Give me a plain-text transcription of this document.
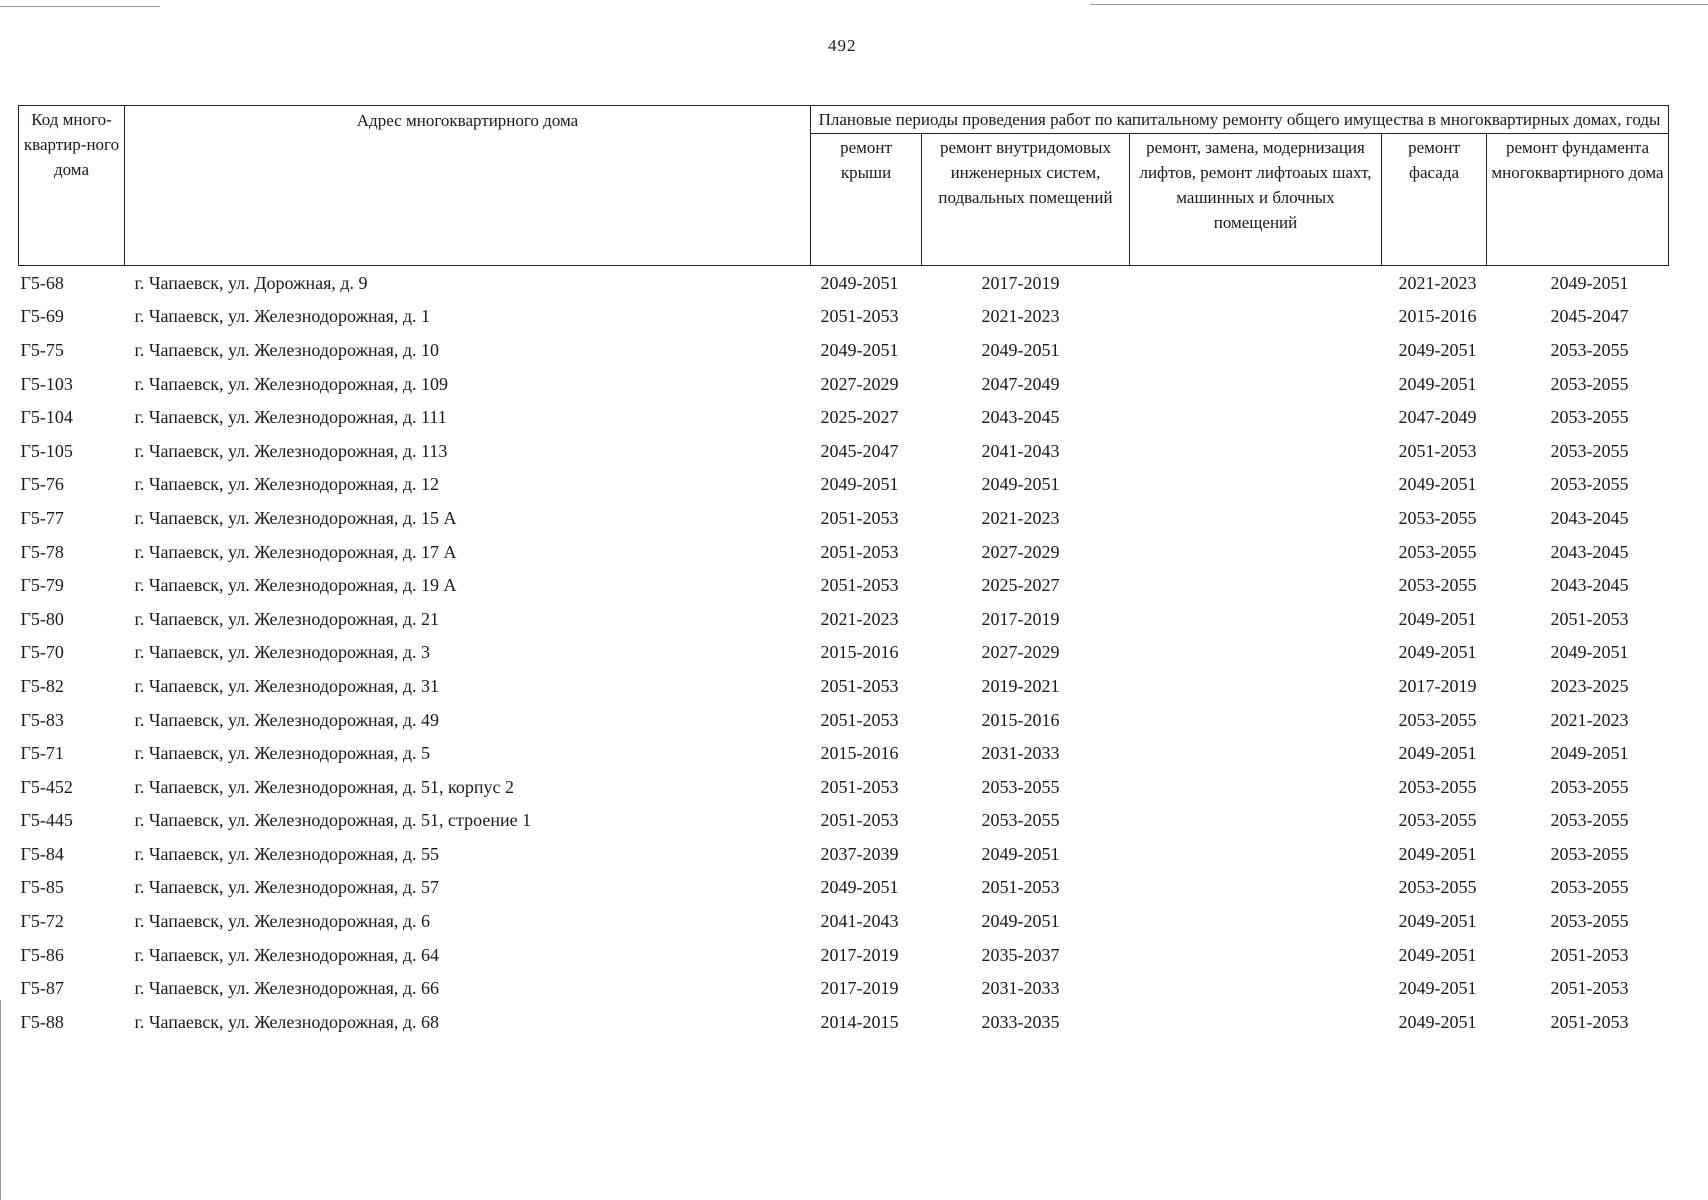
492
Код много-квартир-ного дома	Адрес многоквартирного дома	Плановые периоды проведения работ по капитальному ремонту общего имущества в многоквартирных домах, годы				
		ремонт крыши	ремонт внутридомовых инженерных систем, подвальных помещений	ремонт, замена, модернизация лифтов, ремонт лифтоaых шахт, машинных и блочных помещений	ремонт фасада	ремонт фундамента многоквартирного дома
Г5-68	г. Чапаевск, ул. Дорожная, д. 9	2049-2051	2017-2019		2021-2023	2049-2051
Г5-69	г. Чапаевск, ул. Железнодорожная, д. 1	2051-2053	2021-2023		2015-2016	2045-2047
Г5-75	г. Чапаевск, ул. Железнодорожная, д. 10	2049-2051	2049-2051		2049-2051	2053-2055
Г5-103	г. Чапаевск, ул. Железнодорожная, д. 109	2027-2029	2047-2049		2049-2051	2053-2055
Г5-104	г. Чапаевск, ул. Железнодорожная, д. 111	2025-2027	2043-2045		2047-2049	2053-2055
Г5-105	г. Чапаевск, ул. Железнодорожная, д. 113	2045-2047	2041-2043		2051-2053	2053-2055
Г5-76	г. Чапаевск, ул. Железнодорожная, д. 12	2049-2051	2049-2051		2049-2051	2053-2055
Г5-77	г. Чапаевск, ул. Железнодорожная, д. 15 А	2051-2053	2021-2023		2053-2055	2043-2045
Г5-78	г. Чапаевск, ул. Железнодорожная, д. 17 А	2051-2053	2027-2029		2053-2055	2043-2045
Г5-79	г. Чапаевск, ул. Железнодорожная, д. 19 А	2051-2053	2025-2027		2053-2055	2043-2045
Г5-80	г. Чапаевск, ул. Железнодорожная, д. 21	2021-2023	2017-2019		2049-2051	2051-2053
Г5-70	г. Чапаевск, ул. Железнодорожная, д. 3	2015-2016	2027-2029		2049-2051	2049-2051
Г5-82	г. Чапаевск, ул. Железнодорожная, д. 31	2051-2053	2019-2021		2017-2019	2023-2025
Г5-83	г. Чапаевск, ул. Железнодорожная, д. 49	2051-2053	2015-2016		2053-2055	2021-2023
Г5-71	г. Чапаевск, ул. Железнодорожная, д. 5	2015-2016	2031-2033		2049-2051	2049-2051
Г5-452	г. Чапаевск, ул. Железнодорожная, д. 51, корпус 2	2051-2053	2053-2055		2053-2055	2053-2055
Г5-445	г. Чапаевск, ул. Железнодорожная, д. 51, строение 1	2051-2053	2053-2055		2053-2055	2053-2055
Г5-84	г. Чапаевск, ул. Железнодорожная, д. 55	2037-2039	2049-2051		2049-2051	2053-2055
Г5-85	г. Чапаевск, ул. Железнодорожная, д. 57	2049-2051	2051-2053		2053-2055	2053-2055
Г5-72	г. Чапаевск, ул. Железнодорожная, д. 6	2041-2043	2049-2051		2049-2051	2053-2055
Г5-86	г. Чапаевск, ул. Железнодорожная, д. 64	2017-2019	2035-2037		2049-2051	2051-2053
Г5-87	г. Чапаевск, ул. Железнодорожная, д. 66	2017-2019	2031-2033		2049-2051	2051-2053
Г5-88	г. Чапаевск, ул. Железнодорожная, д. 68	2014-2015	2033-2035		2049-2051	2051-2053
